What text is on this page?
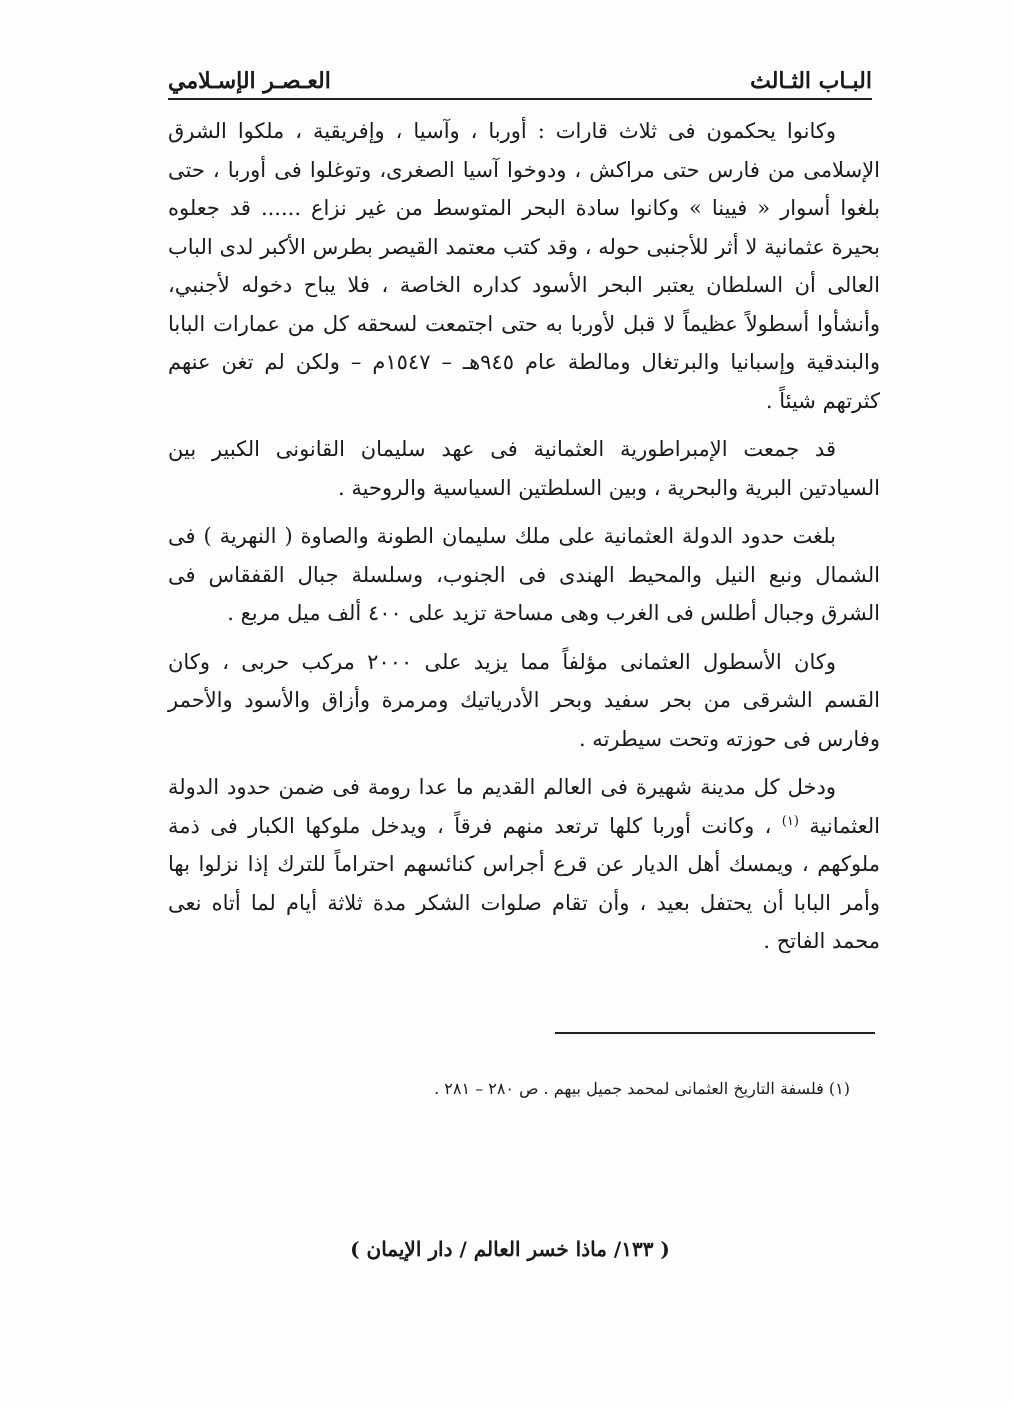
البـاب الثـالث
العـصـر الإسـلامي

وكانوا يحكمون فى ثلاث قارات : أوربا ، وآسيا ، وإفريقية ، ملكوا الشرق الإسلامى من فارس حتى مراكش ، ودوخوا آسيا الصغرى، وتوغلوا فى أوربا ، حتى بلغوا أسوار « فيينا » وكانوا سادة البحر المتوسط من غير نزاع ...... قد جعلوه بحيرة عثمانية لا أثر للأجنبى حوله ، وقد كتب معتمد القيصر بطرس الأكبر لدى الباب العالى أن السلطان يعتبر البحر الأسود كداره الخاصة ، فلا يباح دخوله لأجنبي، وأنشأوا أسطولاً عظيماً لا قبل لأوربا به حتى اجتمعت لسحقه كل من عمارات البابا والبندقية وإسبانيا والبرتغال ومالطة عام ٩٤٥هـ – ١٥٤٧م – ولكن لم تغن عنهم كثرتهم شيئاً .

قد جمعت الإمبراطورية العثمانية فى عهد سليمان القانونى الكبير بين السيادتين البرية والبحرية ، وبين السلطتين السياسية والروحية .

بلغت حدود الدولة العثمانية على ملك سليمان الطونة والصاوة ( النهرية ) فى الشمال ونبع النيل والمحيط الهندى فى الجنوب، وسلسلة جبال القفقاس فى الشرق وجبال أطلس فى الغرب وهى مساحة تزيد على ٤٠٠ ألف ميل مربع .

وكان الأسطول العثمانى مؤلفاً مما يزيد على ٢٠٠٠ مركب حربى ، وكان القسم الشرقى من بحر سفيد وبحر الأدرياتيك ومرمرة وأزاق والأسود والأحمر وفارس فى حوزته وتحت سيطرته .

ودخل كل مدينة شهيرة فى العالم القديم ما عدا رومة فى ضمن حدود الدولة العثمانية $^{(١)}$ ، وكانت أوربا كلها ترتعد منهم فرقاً ، ويدخل ملوكها الكبار فى ذمة ملوكهم ، ويمسك أهل الديار عن قرع أجراس كنائسهم احتراماً للترك إذا نزلوا بها وأمر البابا أن يحتفل بعيد ، وأن تقام صلوات الشكر مدة ثلاثة أيام لما أتاه نعى محمد الفاتح .

(١) فلسفة التاريخ العثمانى لمحمد جميل بيهم . ص ٢٨٠ – ٢٨١ .
( ١٣٣/ ماذا خسر العالم / دار الإيمان )
